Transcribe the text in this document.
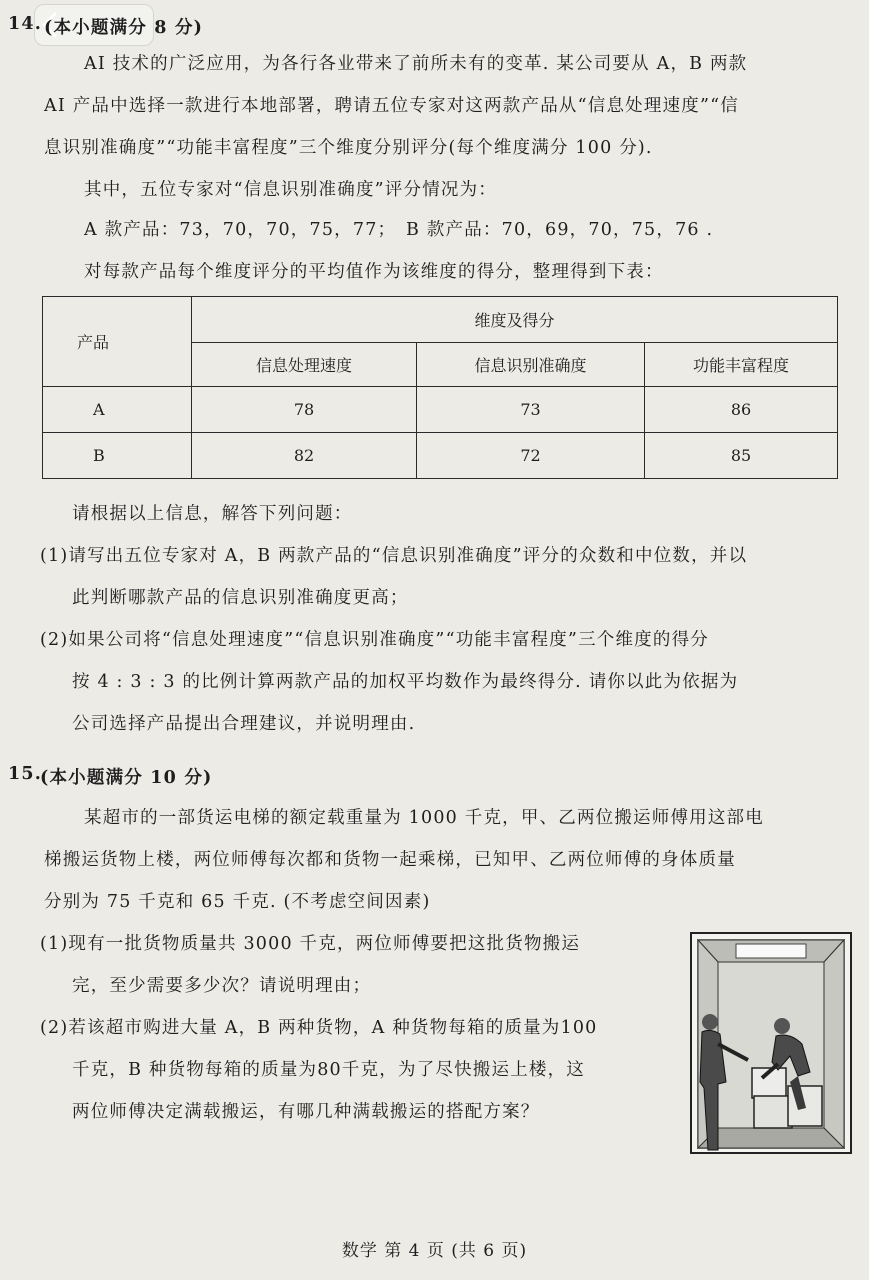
14. (本小题满分 8 分)
AI 技术的广泛应用，为各行各业带来了前所未有的变革. 某公司要从 A，B 两款
AI 产品中选择一款进行本地部署，聘请五位专家对这两款产品从“信息处理速度”“信
息识别准确度”“功能丰富程度”三个维度分别评分(每个维度满分 100 分).
其中，五位专家对“信息识别准确度”评分情况为：
A 款产品：73，70，70，75，77； B 款产品：70，69，70，75，76 .
对每款产品每个维度评分的平均值作为该维度的得分，整理得到下表：
产品	维度及得分		
	信息处理速度	信息识别准确度	功能丰富程度
A	78	73	86
B	82	72	85
请根据以上信息，解答下列问题：
(1)请写出五位专家对 A，B 两款产品的“信息识别准确度”评分的众数和中位数，并以
此判断哪款产品的信息识别准确度更高；
(2)如果公司将“信息处理速度”“信息识别准确度”“功能丰富程度”三个维度的得分
按 4 : 3 : 3 的比例计算两款产品的加权平均数作为最终得分. 请你以此为依据为
公司选择产品提出合理建议，并说明理由.
15.
(本小题满分 10 分)
某超市的一部货运电梯的额定载重量为 1000 千克，甲、乙两位搬运师傅用这部电
梯搬运货物上楼，两位师傅每次都和货物一起乘梯，已知甲、乙两位师傅的身体质量
分别为 75 千克和 65 千克. (不考虑空间因素)
(1)现有一批货物质量共 3000 千克，两位师傅要把这批货物搬运
完，至少需要多少次？请说明理由；
(2)若该超市购进大量 A，B 两种货物，A 种货物每箱的质量为100
千克，B 种货物每箱的质量为80千克，为了尽快搬运上楼，这
两位师傅决定满载搬运，有哪几种满载搬运的搭配方案？
数学 第 4 页 (共 6 页)
